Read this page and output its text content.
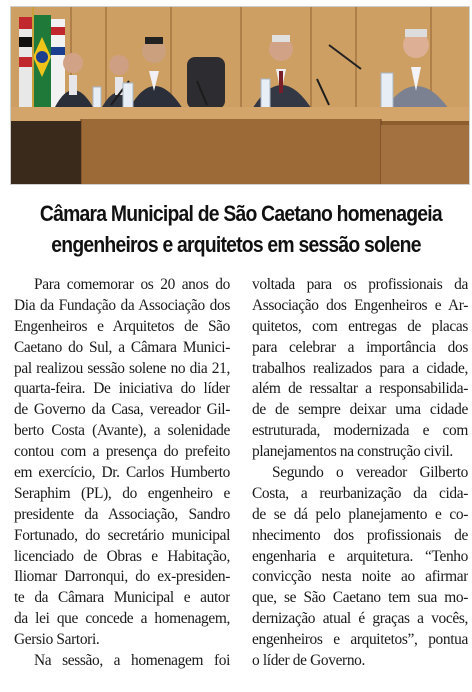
Câmara Municipal de São Caetano homenageia
engenheiros e arquitetos em sessão solene
Para comemorar os 20 anos do
Dia da Fundação da Associação dos
Engenheiros e Arquitetos de São
Caetano do Sul, a Câmara Munici-
pal realizou sessão solene no dia 21,
quarta-feira. De iniciativa do líder
de Governo da Casa, vereador Gil-
berto Costa (Avante), a solenidade
contou com a presença do prefeito
em exercício, Dr. Carlos Humberto
Seraphim (PL), do engenheiro e
presidente da Associação, Sandro
Fortunado, do secretário municipal
licenciado de Obras e Habitação,
Iliomar Darronqui, do ex-presiden-
te da Câmara Municipal e autor
da lei que concede a homenagem,
Gersio Sartori.
Na sessão, a homenagem foi
voltada para os profissionais da
Associação dos Engenheiros e Ar-
quitetos, com entregas de placas
para celebrar a importância dos
trabalhos realizados para a cidade,
além de ressaltar a responsabilida-
de de sempre deixar uma cidade
estruturada, modernizada e com
planejamentos na construção civil.
Segundo o vereador Gilberto
Costa, a reurbanização da cida-
de se dá pelo planejamento e co-
nhecimento dos profissionais de
engenharia e arquitetura. “Tenho
convicção nesta noite ao afirmar
que, se São Caetano tem sua mo-
dernização atual é graças a vocês,
engenheiros e arquitetos”, pontua
o líder de Governo.
